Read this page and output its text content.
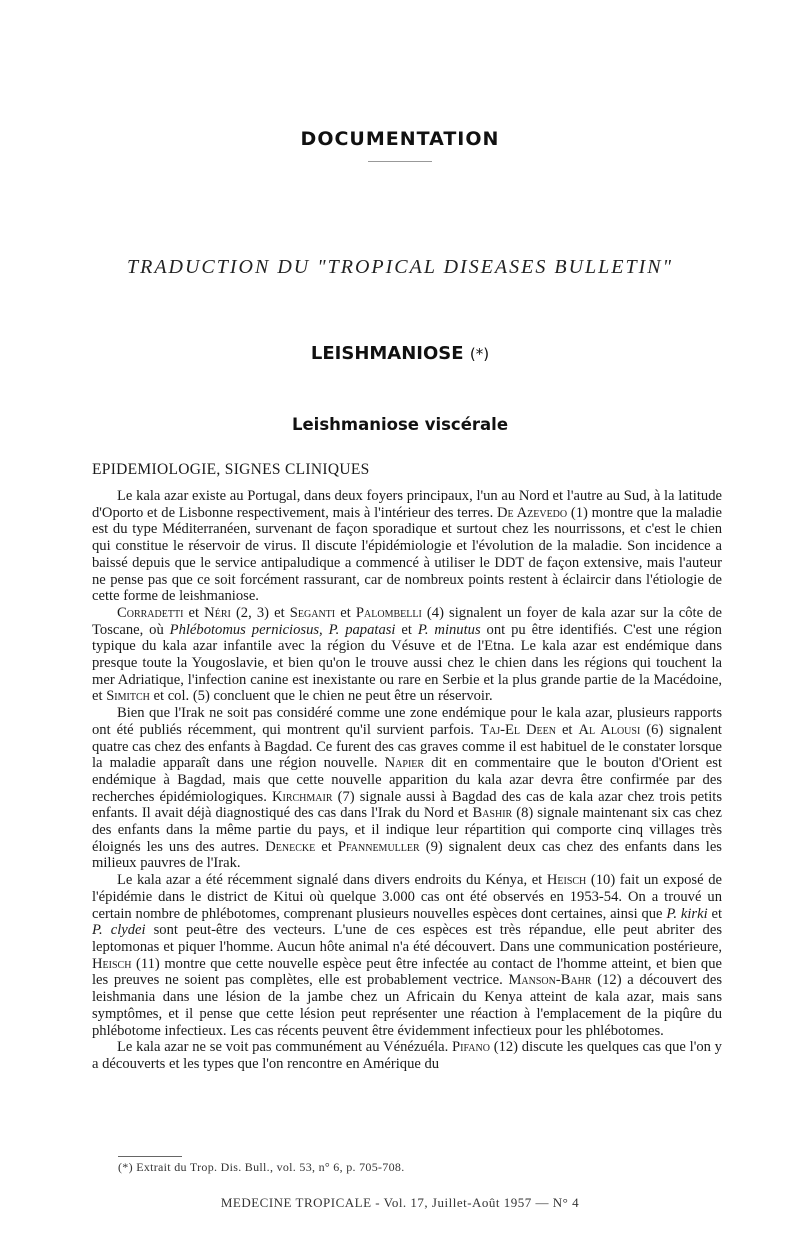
DOCUMENTATION
TRADUCTION DU "TROPICAL DISEASES BULLETIN"
LEISHMANIOSE (*)
Leishmaniose viscérale
EPIDEMIOLOGIE, SIGNES CLINIQUES

Le kala azar existe au Portugal, dans deux foyers principaux, l'un au Nord et l'autre au Sud, à la latitude d'Oporto et de Lisbonne respectivement, mais à l'intérieur des terres. De Azevedo (1) montre que la maladie est du type Méditerranéen, survenant de façon sporadique et surtout chez les nourrissons, et c'est le chien qui constitue le réservoir de virus. Il discute l'épidémiologie et l'évolution de la maladie. Son incidence a baissé depuis que le service antipaludique a commencé à utiliser le DDT de façon extensive, mais l'auteur ne pense pas que ce soit forcément rassurant, car de nombreux points restent à éclaircir dans l'étiologie de cette forme de leishmaniose.

Corradetti et Néri (2, 3) et Seganti et Palombelli (4) signalent un foyer de kala azar sur la côte de Toscane, où Phlébotomus perniciosus, P. papatasi et P. minutus ont pu être identifiés. C'est une région typique du kala azar infantile avec la région du Vésuve et de l'Etna. Le kala azar est endémique dans presque toute la Yougoslavie, et bien qu'on le trouve aussi chez le chien dans les régions qui touchent la mer Adriatique, l'infection canine est inexistante ou rare en Serbie et la plus grande partie de la Macédoine, et Simitch et col. (5) concluent que le chien ne peut être un réservoir.

Bien que l'Irak ne soit pas considéré comme une zone endémique pour le kala azar, plusieurs rapports ont été publiés récemment, qui montrent qu'il survient parfois. Taj-El Deen et Al Alousi (6) signalent quatre cas chez des enfants à Bagdad. Ce furent des cas graves comme il est habituel de le constater lorsque la maladie apparaît dans une région nouvelle. Napier dit en commentaire que le bouton d'Orient est endémique à Bagdad, mais que cette nouvelle apparition du kala azar devra être confirmée par des recherches épidémiologiques. Kirchmair (7) signale aussi à Bagdad des cas de kala azar chez trois petits enfants. Il avait déjà diagnostiqué des cas dans l'Irak du Nord et Bashir (8) signale maintenant six cas chez des enfants dans la même partie du pays, et il indique leur répartition qui comporte cinq villages très éloignés les uns des autres. Denecke et Pfannemuller (9) signalent deux cas chez des enfants dans les milieux pauvres de l'Irak.

Le kala azar a été récemment signalé dans divers endroits du Kénya, et Heisch (10) fait un exposé de l'épidémie dans le district de Kitui où quelque 3.000 cas ont été observés en 1953-54. On a trouvé un certain nombre de phlébotomes, comprenant plusieurs nouvelles espèces dont certaines, ainsi que P. kirki et P. clydei sont peut-être des vecteurs. L'une de ces espèces est très répandue, elle peut abriter des leptomonas et piquer l'homme. Aucun hôte animal n'a été découvert. Dans une communication postérieure, Heisch (11) montre que cette nouvelle espèce peut être infectée au contact de l'homme atteint, et bien que les preuves ne soient pas complètes, elle est probablement vectrice. Manson-Bahr (12) a découvert des leishmania dans une lésion de la jambe chez un Africain du Kenya atteint de kala azar, mais sans symptômes, et il pense que cette lésion peut représenter une réaction à l'emplacement de la piqûre du phlébotome infectieux. Les cas récents peuvent être évidemment infectieux pour les phlébotomes.

Le kala azar ne se voit pas communément au Vénézuéla. Pifano (12) discute les quelques cas que l'on y a découverts et les types que l'on rencontre en Amérique du

(*) Extrait du Trop. Dis. Bull., vol. 53, n° 6, p. 705-708.
MEDECINE TROPICALE - Vol. 17, Juillet-Août 1957 — N° 4
